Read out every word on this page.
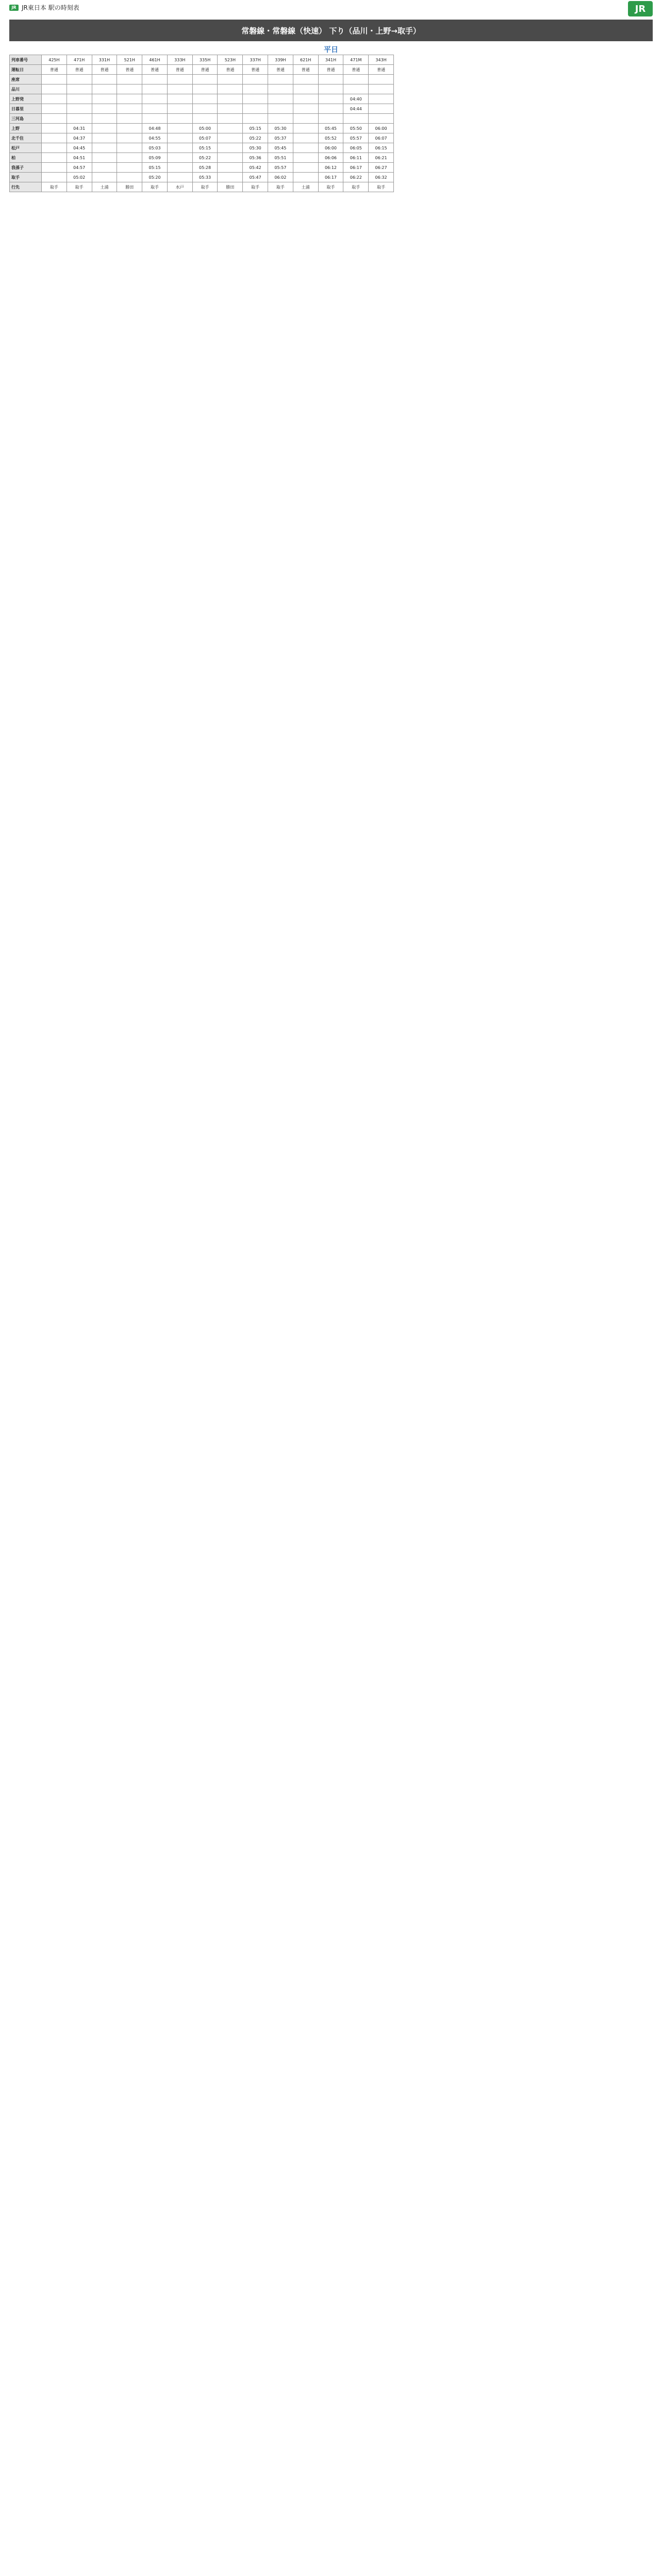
JR JR東日本 駅の時刻表	JR
常磐線・常磐線（快速） 下り（品川・上野→取手）
平日
列車番号	425H	471H	331H	521H	461H	333H	335H	523H	337H	339H	621H	341H	471M	343H
運転日	普通	普通	普通	普通	普通	普通	普通	普通	普通	普通	普通	普通	普通	普通
座席														
品川														
上野発													04:40	
日暮里													04:44	
三河島														
上野		04:31			04:48		05:00		05:15	05:30		05:45	05:50	06:00
北千住		04:37			04:55		05:07		05:22	05:37		05:52	05:57	06:07
松戸		04:45			05:03		05:15		05:30	05:45		06:00	06:05	06:15
柏		04:51			05:09		05:22		05:36	05:51		06:06	06:11	06:21
我孫子		04:57			05:15		05:28		05:42	05:57		06:12	06:17	06:27
取手		05:02			05:20		05:33		05:47	06:02		06:17	06:22	06:32
行先	取手	取手	土浦	勝田	取手	水戸	取手	勝田	取手	取手	土浦	取手	取手	取手
